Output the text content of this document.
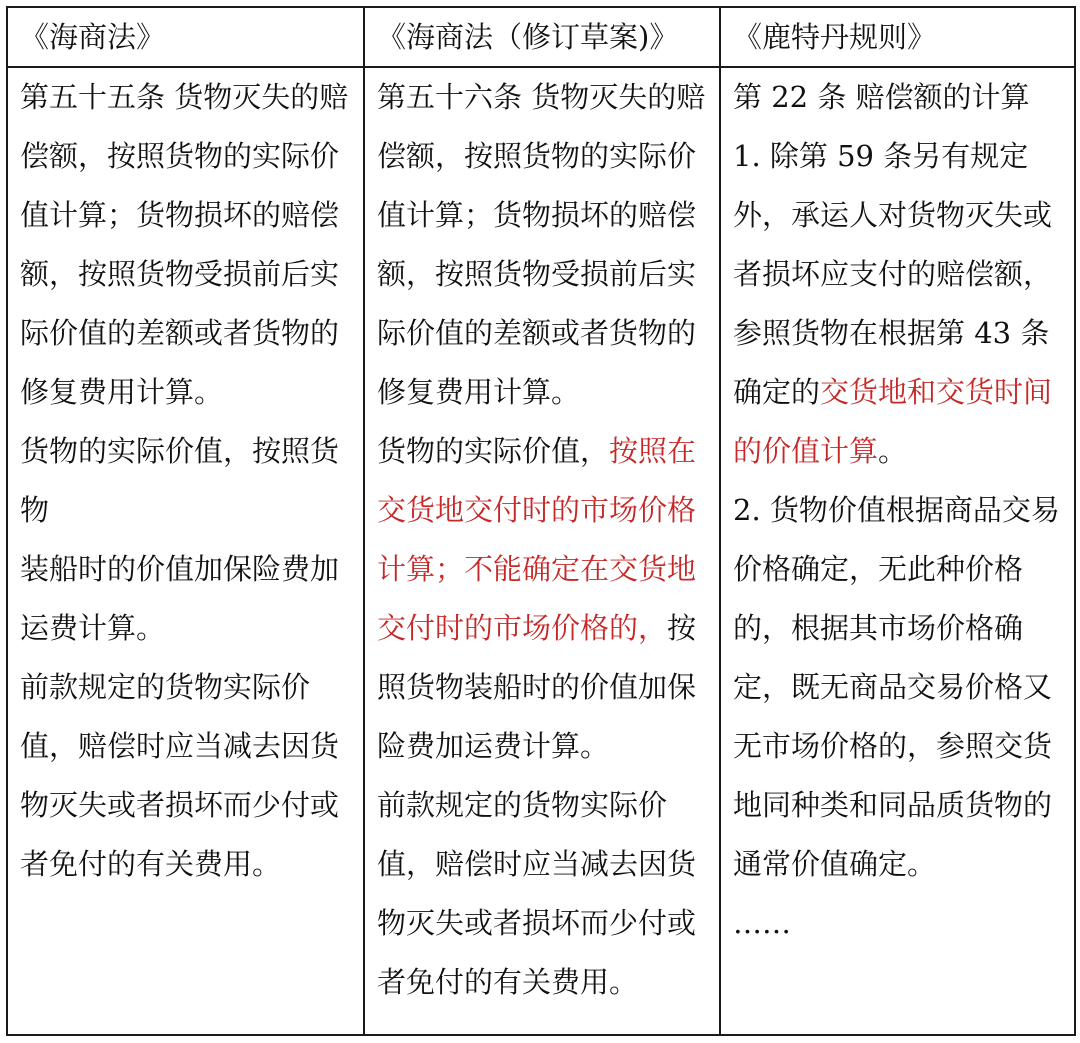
《海商法》	《海商法（修订草案)》	《鹿特丹规则》

第五十五条 货物灭失的赔偿额，按照货物的实际价值计算；货物损坏的赔偿额，按照货物受损前后实际价值的差额或者货物的修复费用计算。
货物的实际价值，按照货物
装船时的价值加保险费加运费计算。
前款规定的货物实际价值，赔偿时应当减去因货物灭失或者损坏而少付或者免付的有关费用。	第五十六条 货物灭失的赔偿额，按照货物的实际价值计算；货物损坏的赔偿额，按照货物受损前后实际价值的差额或者货物的修复费用计算。
货物的实际价值，按照在交货地交付时的市场价格计算；不能确定在交货地交付时的市场价格的，按照货物装船时的价值加保险费加运费计算。
前款规定的货物实际价值，赔偿时应当减去因货物灭失或者损坏而少付或者免付的有关费用。	第 22 条 赔偿额的计算
1. 除第 59 条另有规定外，承运人对货物灭失或者损坏应支付的赔偿额，参照货物在根据第 43 条确定的交货地和交货时间的价值计算。
2. 货物价值根据商品交易价格确定，无此种价格的，根据其市场价格确定，既无商品交易价格又无市场价格的，参照交货地同种类和同品质货物的通常价值确定。
……
